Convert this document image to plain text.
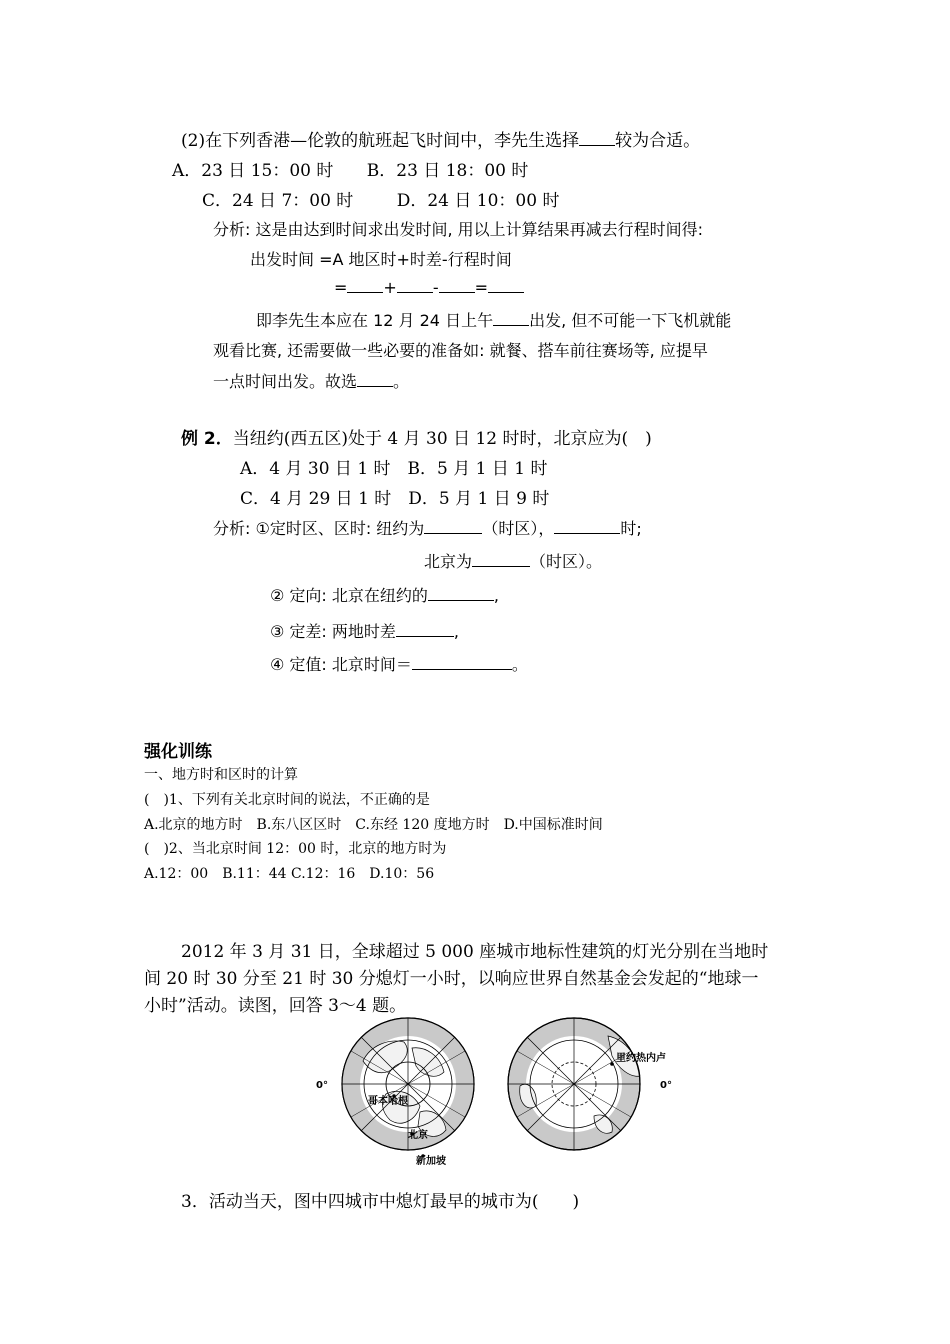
(2)在下列香港—伦敦的航班起飞时间中，李先生选择 较为合适。
A．23 日 15：00 时 B．23 日 18：00 时
C．24 日 7：00 时	D．24 日 10：00 时
分析: 这是由达到时间求出发时间, 用以上计算结果再减去行程时间得:
出发时间 =A 地区时+时差-行程时间
= + - =
即李先生本应在 12 月 24 日上午 出发, 但不可能一下飞机就能
观看比赛, 还需要做一些必要的准备如: 就餐、搭车前往赛场等, 应提早
一点时间出发。故选 。
例 2．当纽约(西五区)处于 4 月 30 日 12 时时，北京应为(　)
A．4 月 30 日 1 时　B．5 月 1 日 1 时
C．4 月 29 日 1 时　D．5 月 1 日 9 时
分析: ①定时区、区时: 纽约为	（时区），	时;
北京为	（时区）。
② 定向: 北京在纽约的	,
③ 定差: 两地时差	,
④ 定值: 北京时间＝	。
强化训练
一、地方时和区时的计算
(　)1、下列有关北京时间的说法，不正确的是
A.北京的地方时　B.东八区区时　C.东经 120 度地方时　D.中国标准时间
(　)2、当北京时间 12：00 时，北京的地方时为
A.12：00　B.11：44 C.12：16　D.10：56
2012 年 3 月 31 日，全球超过 5 000 座城市地标性建筑的灯光分别在当地时
间 20 时 30 分至 21 时 30 分熄灯一小时，以响应世界自然基金会发起的“地球一
小时”活动。读图，回答 3～4 题。
0°
哥本哈根
北京
新加坡
里约热内卢
0°
3．活动当天，图中四城市中熄灯最早的城市为(　　)
